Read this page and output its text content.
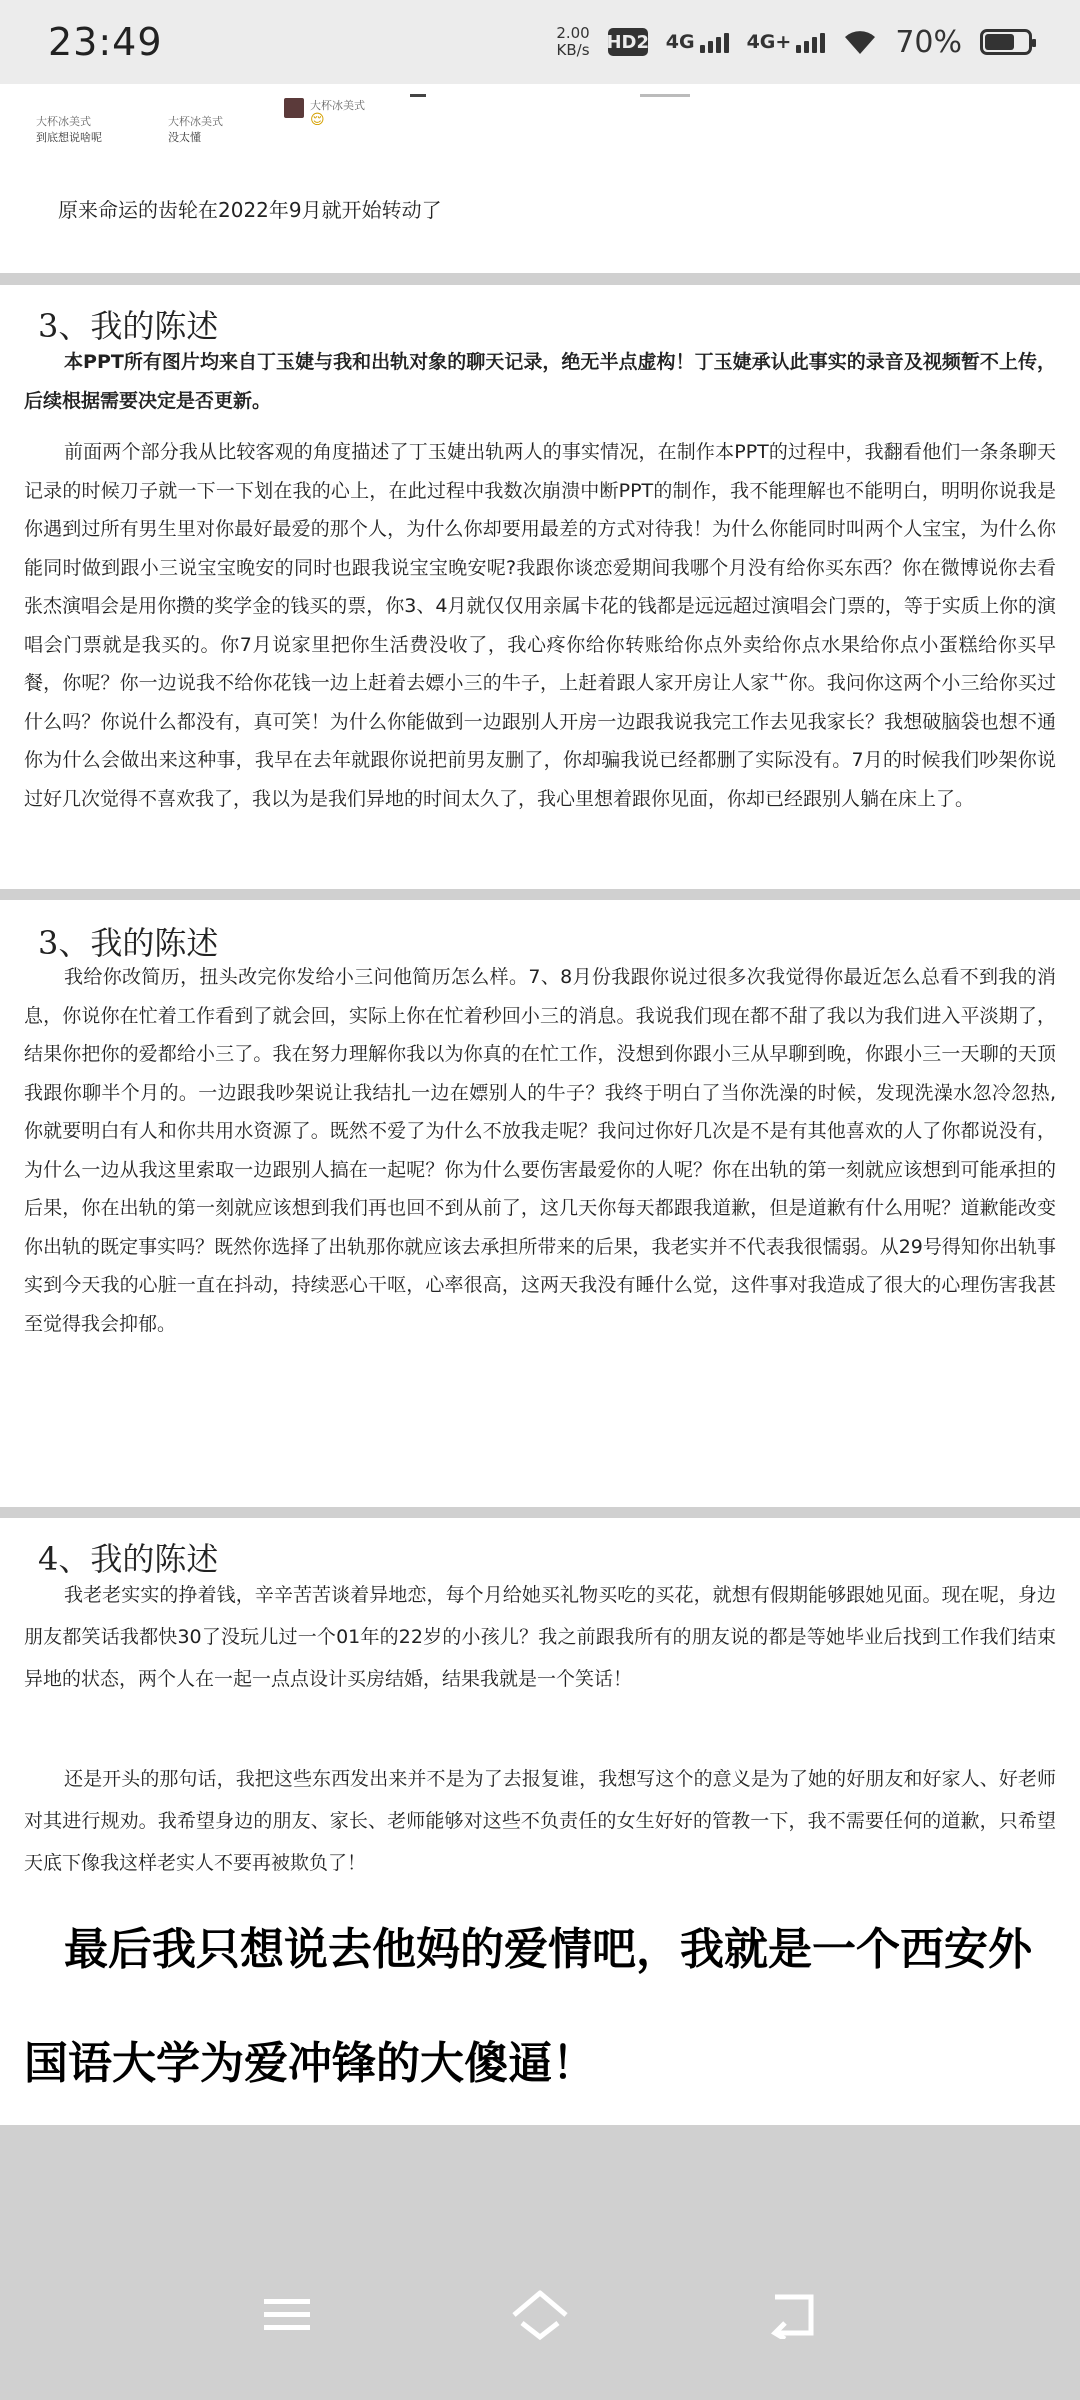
23:49	2.00
KB/s HD2 4G	4G+	70%
大杯冰美式
到底想说啥呢
大杯冰美式
没太懂
大杯冰美式
😌
原来命运的齿轮在2022年9月就开始转动了
3、我的陈述
本PPT所有图片均来自丁玉婕与我和出轨对象的聊天记录，绝无半点虚构！丁玉婕承认此事实的录音及视频暂不上传，后续根据需要决定是否更新。
前面两个部分我从比较客观的角度描述了丁玉婕出轨两人的事实情况，在制作本PPT的过程中，我翻看他们一条条聊天记录的时候刀子就一下一下划在我的心上，在此过程中我数次崩溃中断PPT的制作，我不能理解也不能明白，明明你说我是你遇到过所有男生里对你最好最爱的那个人，为什么你却要用最差的方式对待我！为什么你能同时叫两个人宝宝，为什么你能同时做到跟小三说宝宝晚安的同时也跟我说宝宝晚安呢?我跟你谈恋爱期间我哪个月没有给你买东西？你在微博说你去看张杰演唱会是用你攒的奖学金的钱买的票，你3、4月就仅仅用亲属卡花的钱都是远远超过演唱会门票的，等于实质上你的演唱会门票就是我买的。你7月说家里把你生活费没收了，我心疼你给你转账给你点外卖给你点水果给你点小蛋糕给你买早餐，你呢？你一边说我不给你花钱一边上赶着去嫖小三的牛子，上赶着跟人家开房让人家艹你。我问你这两个小三给你买过什么吗？你说什么都没有，真可笑！为什么你能做到一边跟别人开房一边跟我说我完工作去见我家长？我想破脑袋也想不通你为什么会做出来这种事，我早在去年就跟你说把前男友删了，你却骗我说已经都删了实际没有。7月的时候我们吵架你说过好几次觉得不喜欢我了，我以为是我们异地的时间太久了，我心里想着跟你见面，你却已经跟别人躺在床上了。
3、我的陈述
我给你改简历，扭头改完你发给小三问他简历怎么样。7、8月份我跟你说过很多次我觉得你最近怎么总看不到我的消息，你说你在忙着工作看到了就会回，实际上你在忙着秒回小三的消息。我说我们现在都不甜了我以为我们进入平淡期了，结果你把你的爱都给小三了。我在努力理解你我以为你真的在忙工作，没想到你跟小三从早聊到晚，你跟小三一天聊的天顶我跟你聊半个月的。一边跟我吵架说让我结扎一边在嫖别人的牛子？我终于明白了当你洗澡的时候，发现洗澡水忽冷忽热,你就要明白有人和你共用水资源了。既然不爱了为什么不放我走呢？我问过你好几次是不是有其他喜欢的人了你都说没有，为什么一边从我这里索取一边跟别人搞在一起呢？你为什么要伤害最爱你的人呢？你在出轨的第一刻就应该想到可能承担的后果，你在出轨的第一刻就应该想到我们再也回不到从前了，这几天你每天都跟我道歉，但是道歉有什么用呢？道歉能改变你出轨的既定事实吗？既然你选择了出轨那你就应该去承担所带来的后果，我老实并不代表我很懦弱。从29号得知你出轨事实到今天我的心脏一直在抖动，持续恶心干呕，心率很高，这两天我没有睡什么觉，这件事对我造成了很大的心理伤害我甚至觉得我会抑郁。
4、我的陈述
我老老实实的挣着钱，辛辛苦苦谈着异地恋，每个月给她买礼物买吃的买花，就想有假期能够跟她见面。现在呢，身边朋友都笑话我都快30了没玩儿过一个01年的22岁的小孩儿？我之前跟我所有的朋友说的都是等她毕业后找到工作我们结束异地的状态，两个人在一起一点点设计买房结婚，结果我就是一个笑话！
还是开头的那句话，我把这些东西发出来并不是为了去报复谁，我想写这个的意义是为了她的好朋友和好家人、好老师对其进行规劝。我希望身边的朋友、家长、老师能够对这些不负责任的女生好好的管教一下，我不需要任何的道歉，只希望天底下像我这样老实人不要再被欺负了！
最后我只想说去他妈的爱情吧，我就是一个西安外国语大学为爱冲锋的大傻逼！
